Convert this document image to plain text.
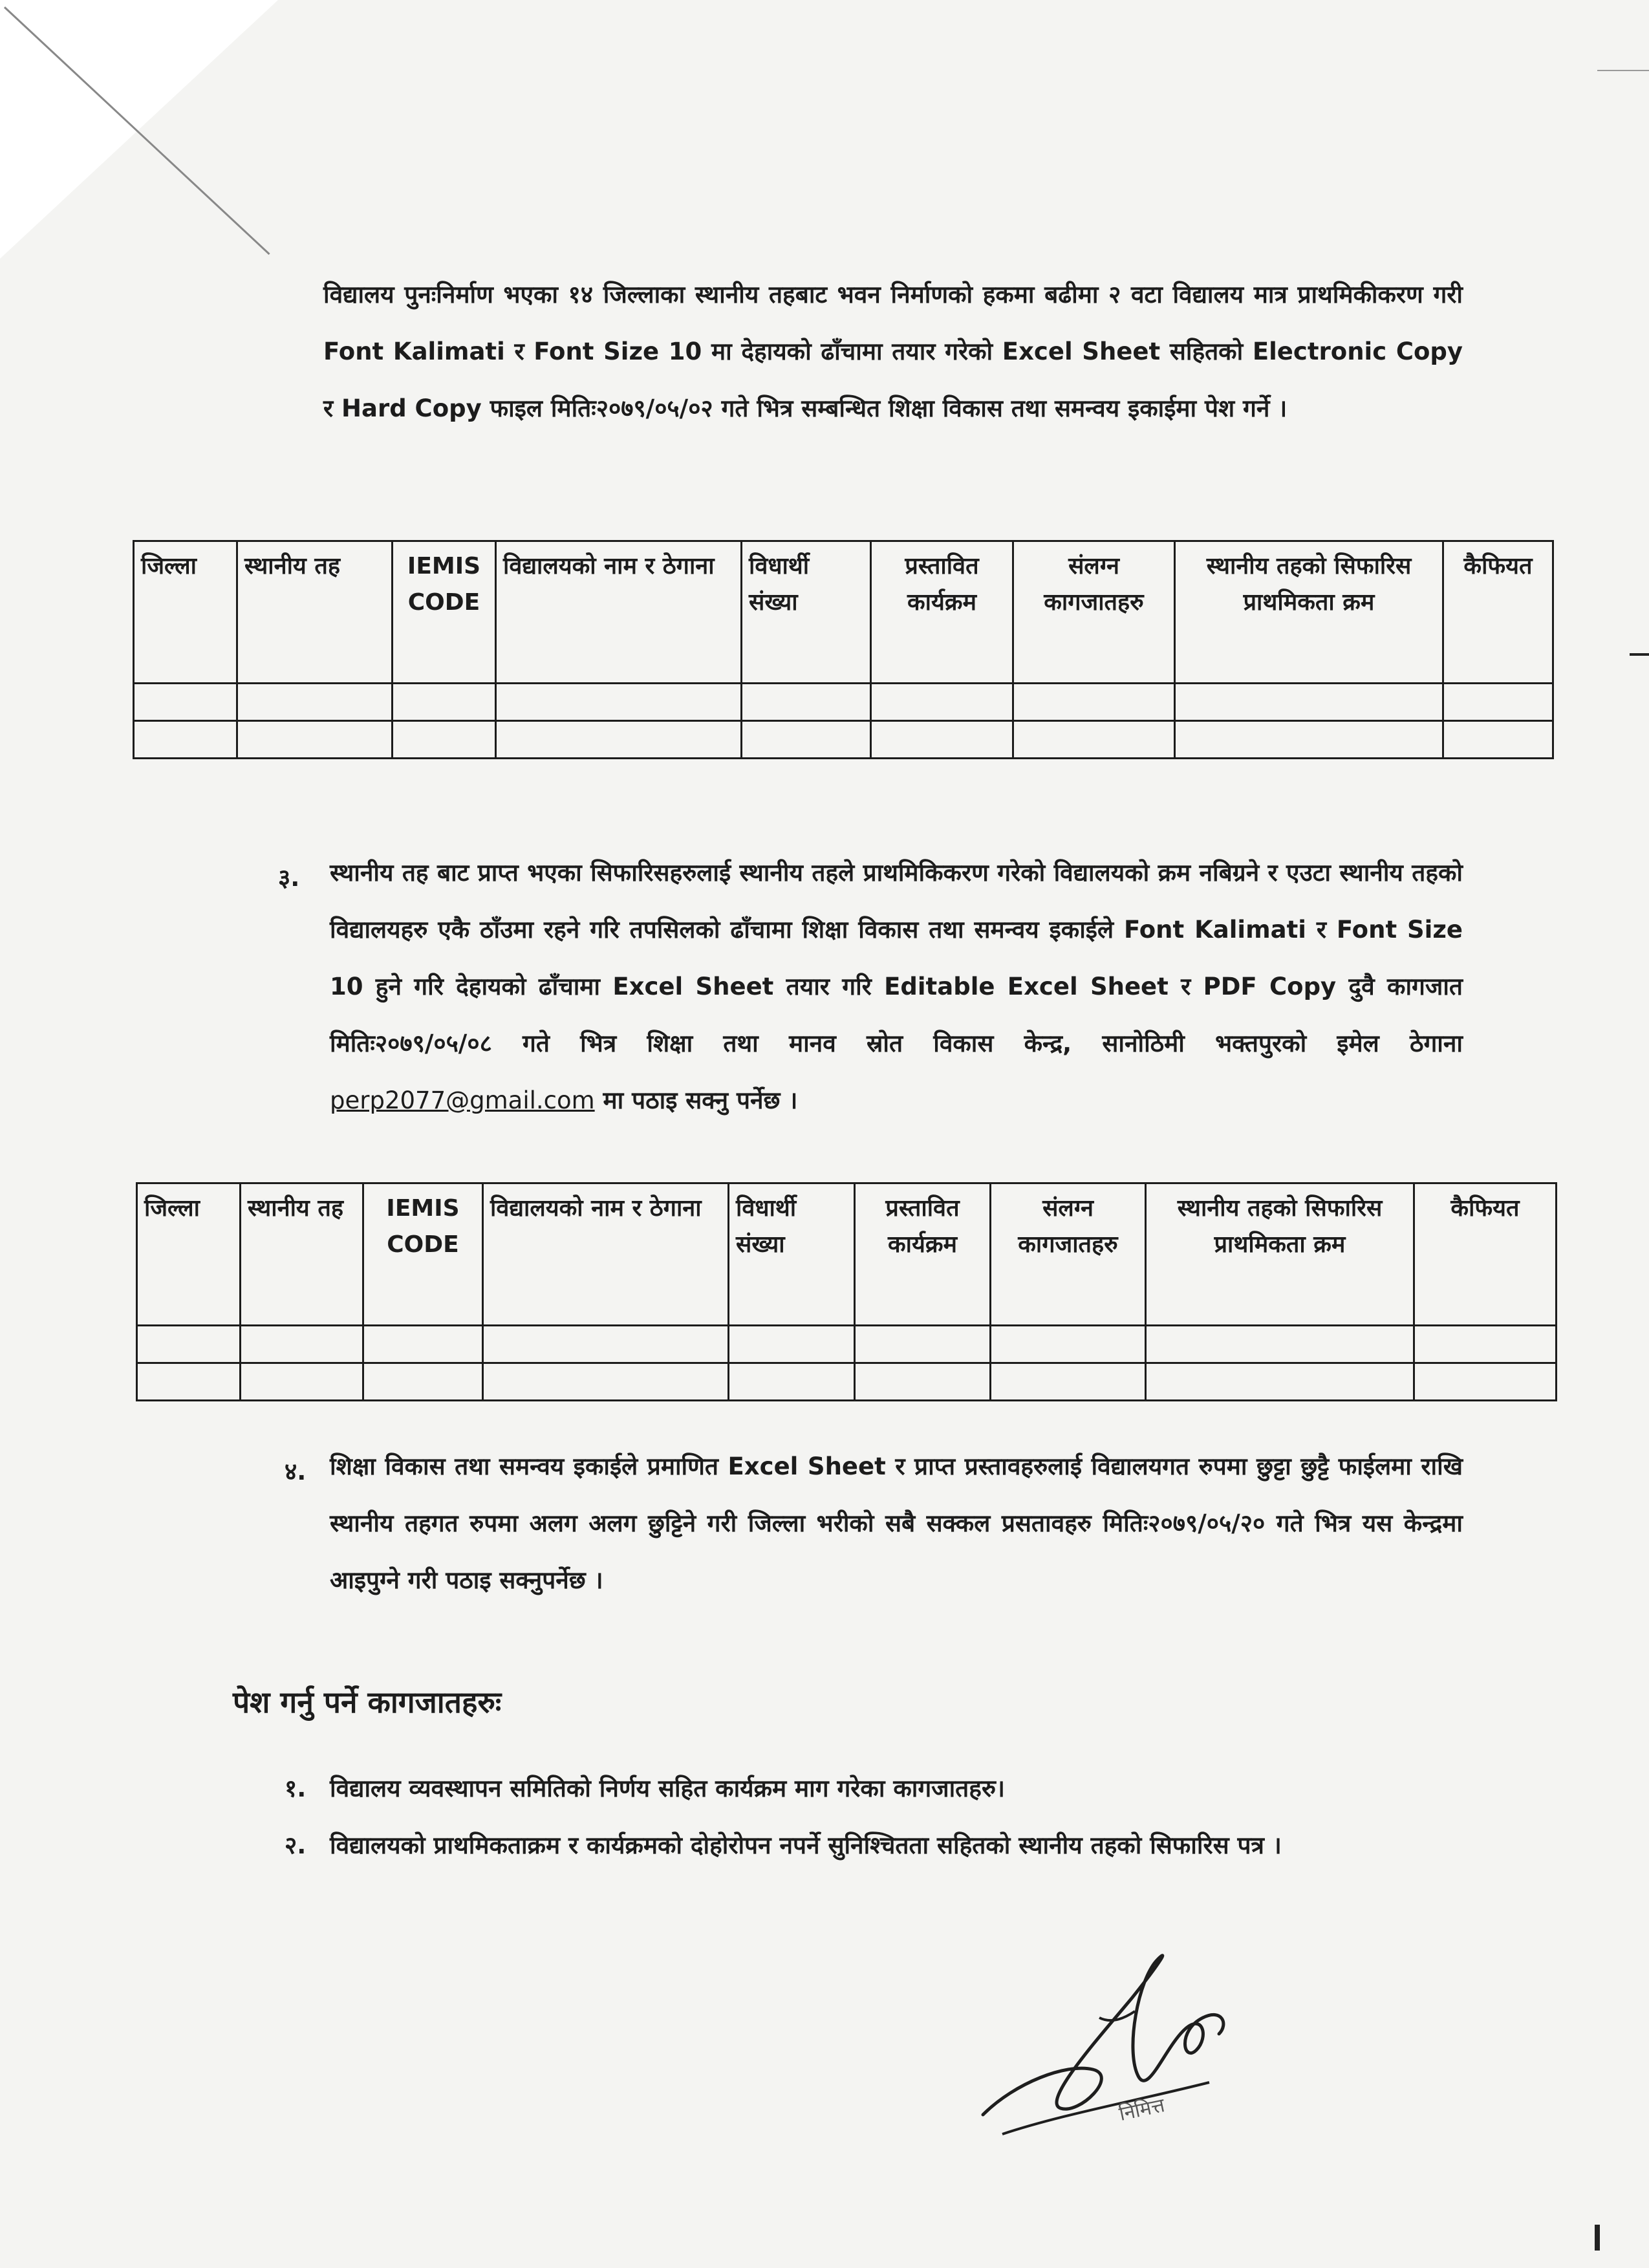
विद्यालय पुनःनिर्माण भएका १४ जिल्लाका स्थानीय तहबाट भवन निर्माणको हकमा बढीमा २ वटा विद्यालय मात्र प्राथमिकीकरण गरी Font Kalimati र Font Size 10 मा देहायको ढाँचामा तयार गरेको Excel Sheet सहितको Electronic Copy र Hard Copy फाइल मितिः२०७९/०५/०२ गते भित्र सम्बन्धित शिक्षा विकास तथा समन्वय इकाईमा पेश गर्ने ।

जिल्ला	स्थानीय तह	IEMIS CODE	विद्यालयको नाम र ठेगाना	विधार्थी संख्या	प्रस्तावित कार्यक्रम	संलग्न कागजातहरु	स्थानीय तहको सिफारिस प्राथमिकता क्रम	कैफियत

३. स्थानीय तह बाट प्राप्त भएका सिफारिसहरुलाई स्थानीय तहले प्राथमिकिकरण गरेको विद्यालयको क्रम नबिग्रने र एउटा स्थानीय तहको विद्यालयहरु एकै ठाँउमा रहने गरि तपसिलको ढाँचामा शिक्षा विकास तथा समन्वय इकाईले Font Kalimati र Font Size 10 हुने गरि देहायको ढाँचामा Excel Sheet तयार गरि Editable Excel Sheet र PDF Copy दुवै कागजात मितिः२०७९/०५/०८ गते भित्र शिक्षा तथा मानव स्रोत विकास केन्द्र, सानोठिमी भक्तपुरको इमेल ठेगाना perp2077@gmail.com मा पठाइ सक्नु पर्नेछ ।

जिल्ला	स्थानीय तह	IEMIS CODE	विद्यालयको नाम र ठेगाना	विधार्थी संख्या	प्रस्तावित कार्यक्रम	संलग्न कागजातहरु	स्थानीय तहको सिफारिस प्राथमिकता क्रम	कैफियत

४. शिक्षा विकास तथा समन्वय इकाईले प्रमाणित Excel Sheet र प्राप्त प्रस्तावहरुलाई विद्यालयगत रुपमा छुट्टा छुट्टै फाईलमा राखि स्थानीय तहगत रुपमा अलग अलग छुट्टिने गरी जिल्ला भरीको सबै सक्कल प्रसतावहरु मितिः२०७९/०५/२० गते भित्र यस केन्द्रमा आइपुग्ने गरी पठाइ सक्नुपर्नेछ ।

पेश गर्नु पर्ने कागजातहरुः
१. विद्यालय व्यवस्थापन समितिको निर्णय सहित कार्यक्रम माग गरेका कागजातहरु।
२. विद्यालयको प्राथमिकताक्रम र कार्यक्रमको दोहोरोपन नपर्ने सुनिश्चितता सहितको स्थानीय तहको सिफारिस पत्र ।
निमित्त
